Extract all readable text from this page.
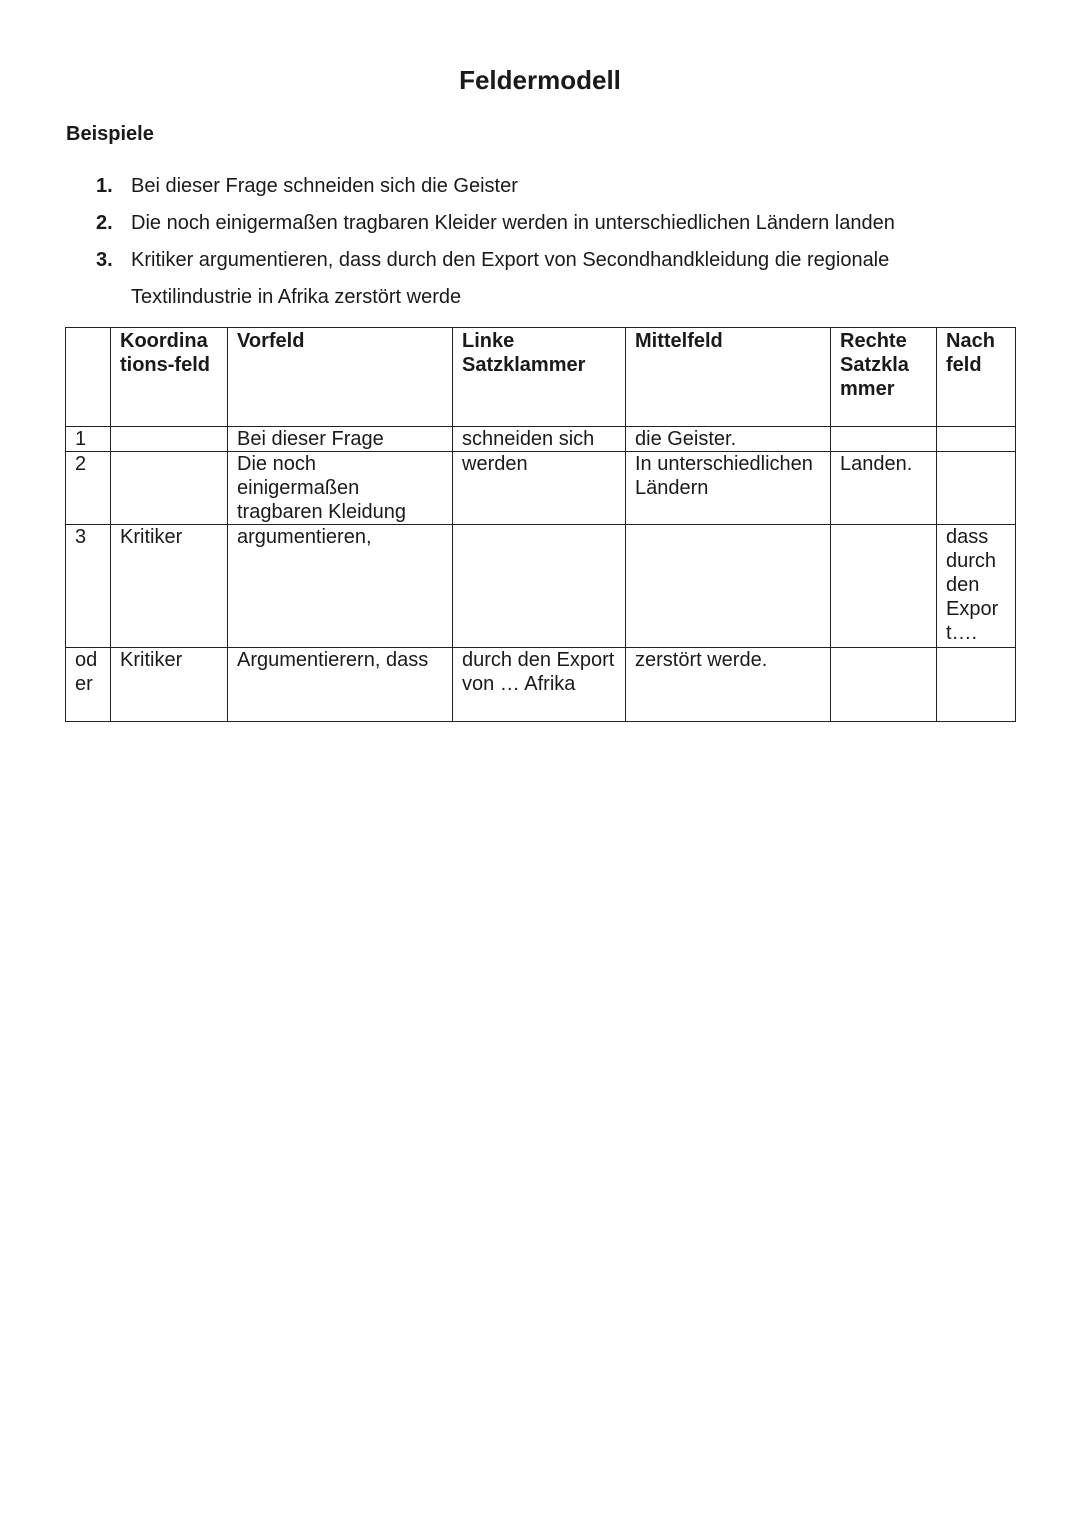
Feldermodell
Beispiele
1. Bei dieser Frage schneiden sich die Geister
2. Die noch einigermaßen tragbaren Kleider werden in unterschiedlichen Ländern landen
3. Kritiker argumentieren, dass durch den Export von Secondhandkleidung die regionale Textilindustrie in Afrika zerstört werde
	Koordina tions-feld	Vorfeld	Linke Satzklammer	Mittelfeld	Rechte Satzkla mmer	Nach feld
1		Bei dieser Frage	schneiden sich	die Geister.		
2		Die noch einigermaßen tragbaren Kleidung	werden	In unterschiedlichen Ländern	Landen.	
3	Kritiker	argumentieren,				dass durch den Expor t….
od er	Kritiker	Argumentierern, dass	durch den Export von … Afrika	zerstört werde.		
